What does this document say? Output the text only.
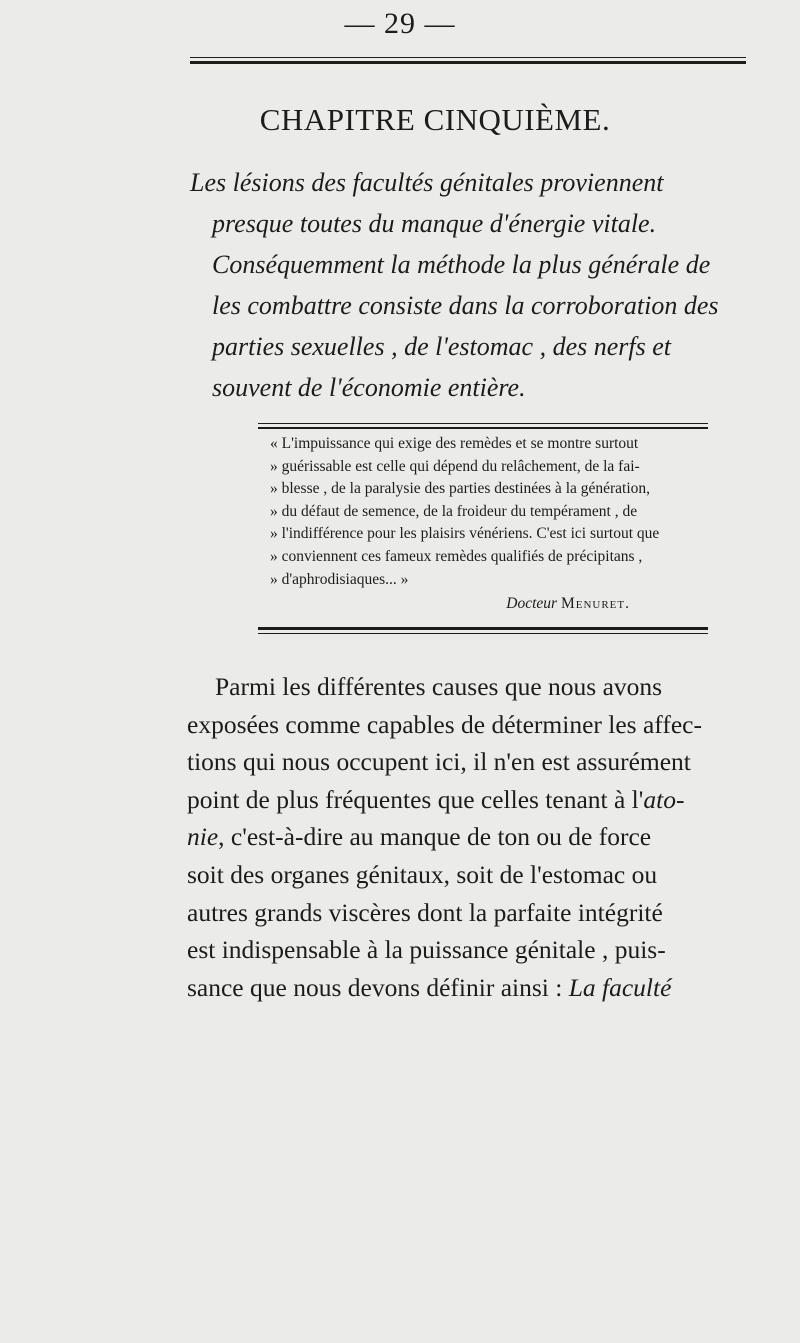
— 29 —
CHAPITRE CINQUIÈME.
Les lésions des facultés génitales proviennent
presque toutes du manque d'énergie vitale.
Conséquemment la méthode la plus générale de
les combattre consiste dans la corroboration des
parties sexuelles , de l'estomac , des nerfs et
souvent de l'économie entière.
« L'impuissance qui exige des remèdes et se montre surtout
» guérissable est celle qui dépend du relâchement, de la fai-
» blesse , de la paralysie des parties destinées à la génération,
» du défaut de semence, de la froideur du tempérament , de
» l'indifférence pour les plaisirs vénériens. C'est ici surtout que
» conviennent ces fameux remèdes qualifiés de précipitans ,
» d'aphrodisiaques... »
Docteur Menuret.
Parmi les différentes causes que nous avons
exposées comme capables de déterminer les affec-
tions qui nous occupent ici, il n'en est assurément
point de plus fréquentes que celles tenant à l'ato-
nie, c'est-à-dire au manque de ton ou de force
soit des organes génitaux, soit de l'estomac ou
autres grands viscères dont la parfaite intégrité
est indispensable à la puissance génitale , puis-
sance que nous devons définir ainsi : La faculté
